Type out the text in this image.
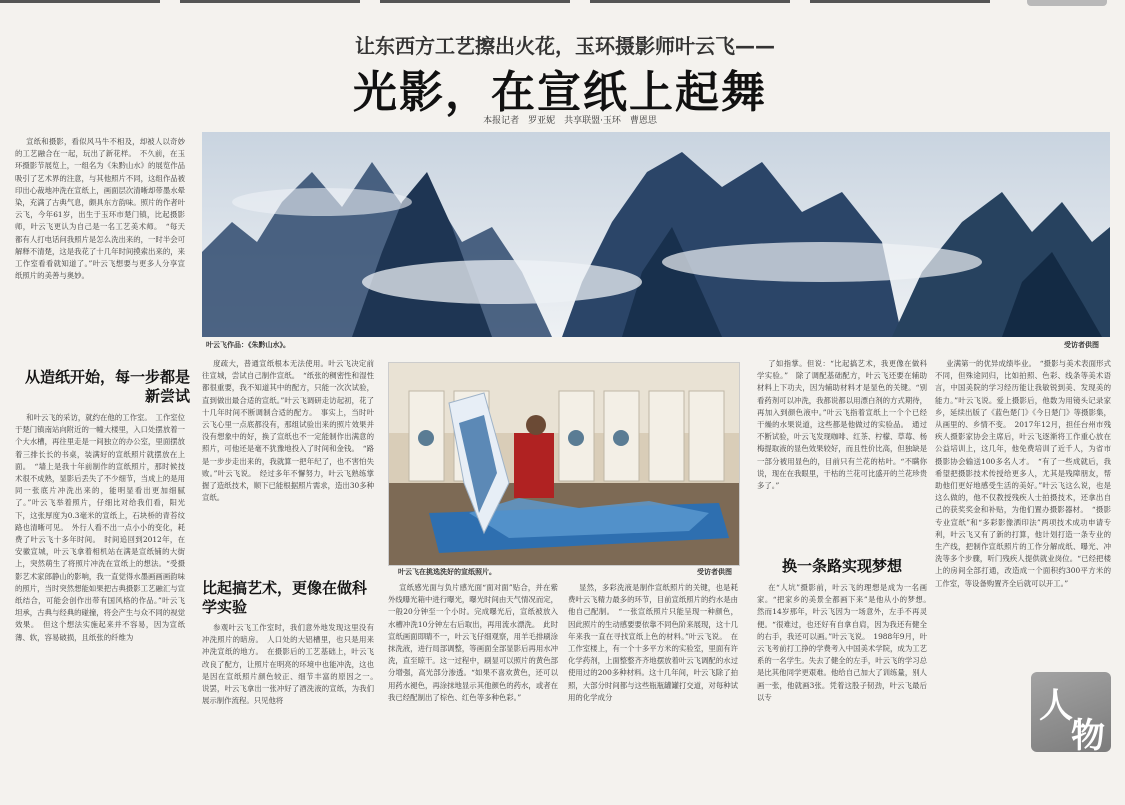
让东西方工艺擦出火花，玉环摄影师叶云飞——
光影，在宣纸上起舞
本报记者　罗亚妮　共享联盟·玉环　曹恩思
叶云飞作品：《朱黔山水》。	受访者供图

宣纸和摄影，看似风马牛不相及，却被人以奇妙的工艺融合在一起，玩出了新花样。　不久前，在玉环摄影节展览上，一组名为《朱黔山水》的展览作品吸引了艺术界的注意，与其他照片不同，这组作品被印出心裁地冲洗在宣纸上，画面层次清晰却带墨水晕染，充满了古典气息，颇具东方韵味。照片的作者叶云飞，今年61岁，出生于玉环市楚门镇，比起摄影师，叶云飞更认为自己是一名工艺美术师。　“每天都有人打电话问我照片是怎么洗出来的，一时半会可解释不清楚，这是我花了十几年时间摸索出来的，来工作室看看就知道了。”叶云飞想要与更多人分享宣纸照片的美善与奥妙。

从造纸开始，每一步都是新尝试

和叶云飞的采访，就约在他的工作室。　工作室位于楚门镇南站向附近的一幢大楼里，入口处摆放着一个大水槽，再往里走是一间独立的办公室，里面摆放着三排长长的书桌，装满好的宣纸照片就摆放在上面。　“墙上是我十年前制作的宣纸照片，那时候技术很不成熟，显影后丢失了不少细节，当成上的是用同一张底片冲洗出来的，能明显看出更加细腻了。”叶云飞举着照片，仔细比对给我们看，阳光下，这张厚度为0.3毫米的宣纸上，石块桥的青苔纹路也清晰可见。　外行人看不出一点小小的变化，耗费了叶云飞十多年时间。　时间追回到2012年，在安徽宣城，叶云飞拿着相机站在满是宣纸铺的大街上，突然萌生了将照片冲洗在宣纸上的想法。“受摄影艺术家郎静山的影响，我一直觉得水墨画画画韵味的照片，当时突然想能如果把古典摄影工艺融汇与宣纸结合，可能会创作出带有国风格的作品。”叶云飞坦承，古典与经典的碰撞，将会产生与众不同的视觉效果。　但这个想法实施起来并不容易，因为宣纸薄、软，容易破损，且纸张的纤维为

度疏大，普通宣纸根本无法使用。叶云飞决定前往宣城，尝试自己制作宣纸。　“纸张的稠密性和湿性都很重要，我不知道其中的配方，只能一次次试验，直到做出最合适的宣纸。”叶云飞调研走访起初，花了十几年时间不断调制合适的配方。　事实上，当时叶云飞心里一点底都没有，那组试验出来的照片效果并没有想象中的好，换了宣纸也不一定能制作出满意的照片，可他还是毫不犹豫地投入了时间和金钱。　“路是一步步走出来的，我就算一把年纪了，也不害怕失败。”叶云飞说。　经过多年不懈努力，叶云飞熟练掌握了造纸技术，顺下已能根据照片需求，造出30多种宣纸。

比起搞艺术，更像在做科学实验

参观叶云飞工作室时，我们意外地发现这里没有冲洗照片的暗房。　人口处的大铝槽里，也只是用来冲洗宣纸的地方。　在摄影后的工艺基础上，叶云飞改良了配方，让照片在明亮的环境中也能冲洗，这也是因在宣纸照片颜色较正、细节丰富的原因之一。　说罢，叶云飞拿出一张冲好了酒洗液的宣纸，为我们展示制作流程。只见他将

叶云飞在挑选洗好的宣纸照片。	受访者供图

宣纸感光面与负片感光面“面对面”贴合，并在紫外线曝光箱中进行曝光，曝光时间由天气情况而定，一般20分钟至一个小时。完成曝光后，宣纸被放入水槽冲洗10分钟左右后取出，再用流水漂洗。　此时宣纸画面即睛不一，叶云飞仔细观察，用羊毛排刷涂抹洗液，进行局部调整，等画面全部显影后再用水冲洗，直至晾干。这一过程中，刷显可以照片的黄色部分增强，高光部分渗透。“如果不喜欢黄色，还可以用药水褪色，再涂抹地显示其他颜色的药水，或者在我已经配制出了棕色、红色等多种色彩。”

显然，多彩洗液是制作宣纸照片的关键，也是耗费叶云飞精力最多的环节，目前宣纸照片的约水是由他自己配制。　“一张宣纸照片只能呈现一种颜色，因此照片的生动感要要依靠不同色阶来展现，这十几年来我一直在寻找宣纸上色的材料。”叶云飞说。　在工作室楼上，有一个十多平方米的实验室，里面有许化学药剂，上面整整齐齐地摆放着叶云飞调配的水过使用过的200多种材料。这十几年间，叶云飞除了拍照，大部分时间都与这些瓶瓶罐罐打交道，对每种试用的化学成分

了如指掌。但说：“比起搞艺术，我更像在做科学实验。”　除了调配基础配方，叶云飞还要在辅助材料上下功夫，因为辅助材料才是显色的关键。“别看药剂可以冲洗，我都说都以用漂白剂的方式期待，再加入到颜色液中。”叶云飞指着宣纸上一个个已经干燥的水果说道，这些都是他做过的实验品。　通过不断试验，叶云飞发现咖啡、红茶、柠檬、草莓、杨梅提取液的显色效果较好，而且性价比高，但独缺是一部分被用显色的，目前只有兰花的枯叶。“不瞒你说，现在在我眼里，干枯的兰花可比盛开的兰花珍贵多了。”

换一条路实现梦想

在“人坑”摄影前，叶云飞的理想是成为一名画家。“把家乡的美景全都画下来”是他从小的梦想。　然而14岁那年，叶云飞因为一场意外，左手不再灵便。“很难过，也还好有自拿自肩，因为我还有健全的右手，我还可以画。”叶云飞说。　1988年9月，叶云飞考前打工挣的学费考入中国美术学院，成为工艺系的一名学生。失去了健全的左手，叶云飞的学习总是比其他同学更艰难。他给自己加大了训练量，别人画一张，他就画3张。凭着这股子韧劲，叶云飞最后以专

业满第一的优异成绩毕业。　“摄影与美术表面形式不同，但殊途同归，比如拍照、色彩、线条等美术语言，中国美院的学习经历能让我敏锐到美、发现美的能力。”叶云飞说。爱上摄影后，他数为用镜头记录家乡，延续出版了《蓝色楚门》《今日楚门》等摄影集，从画里的、乡情不变。　2017年12月，担任台州市残疾人摄影家协会主席后，叶云飞逐渐将工作重心放在公益培训上，这几年，他免费培训了近千人，为省市摄影协会输送100多名人才。　“有了一些成就后，我希望把摄影技术传授给更多人，尤其是残障朋友，帮助他们更好地感受生活的美好。”叶云飞这么说，也是这么做的，他不仅教授残疾人士拍摄技术，还拿出自己的获奖奖金和补贴，为他们置办摄影器材。　“摄影专业宣纸”和“多彩影像洒印法”两项技术成功申请专利，叶云飞又有了新的打算，他计划打造一条专业的生产线，把制作宣纸照片的工作分解成纸、曝光、冲洗等多个步骤，听门残疾人提供就业岗位。“已经把楼上的房间全部打通，改造成一个面积约300平方米的工作室，等设备购置齐全后就可以开工。”

人
物
